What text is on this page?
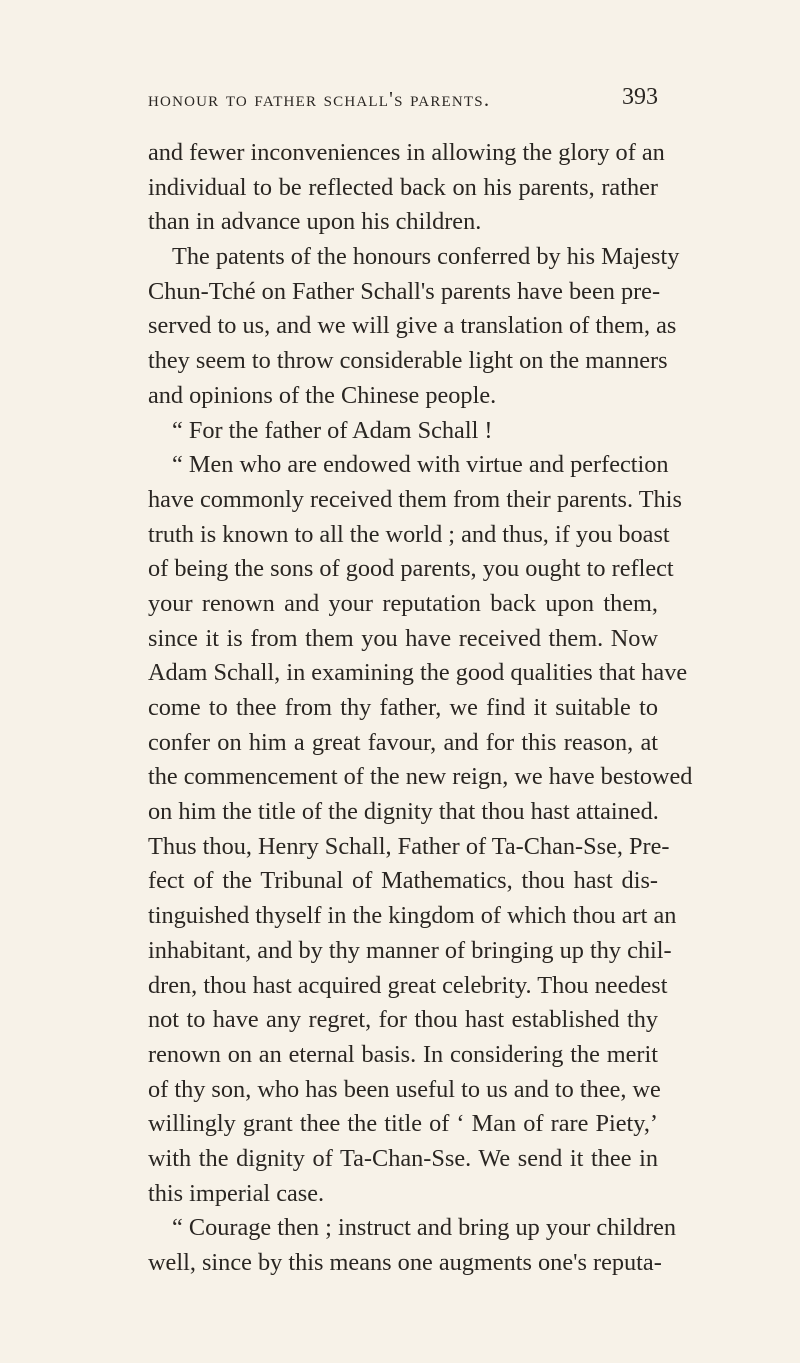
honour to father schall's parents.	393
and fewer inconveniences in allowing the glory of an
individual to be reflected back on his parents, rather
than in advance upon his children.
The patents of the honours conferred by his Majesty
Chun-Tché on Father Schall's parents have been pre-
served to us, and we will give a translation of them, as
they seem to throw considerable light on the manners
and opinions of the Chinese people.
“ For the father of Adam Schall !
“ Men who are endowed with virtue and perfection
have commonly received them from their parents. This
truth is known to all the world ; and thus, if you boast
of being the sons of good parents, you ought to reflect
your renown and your reputation back upon them,
since it is from them you have received them. Now
Adam Schall, in examining the good qualities that have
come to thee from thy father, we find it suitable to
confer on him a great favour, and for this reason, at
the commencement of the new reign, we have bestowed
on him the title of the dignity that thou hast attained.
Thus thou, Henry Schall, Father of Ta-Chan-Sse, Pre-
fect of the Tribunal of Mathematics, thou hast dis-
tinguished thyself in the kingdom of which thou art an
inhabitant, and by thy manner of bringing up thy chil-
dren, thou hast acquired great celebrity. Thou needest
not to have any regret, for thou hast established thy
renown on an eternal basis. In considering the merit
of thy son, who has been useful to us and to thee, we
willingly grant thee the title of ‘ Man of rare Piety,’
with the dignity of Ta-Chan-Sse. We send it thee in
this imperial case.
“ Courage then ; instruct and bring up your children
well, since by this means one augments one's reputa-
